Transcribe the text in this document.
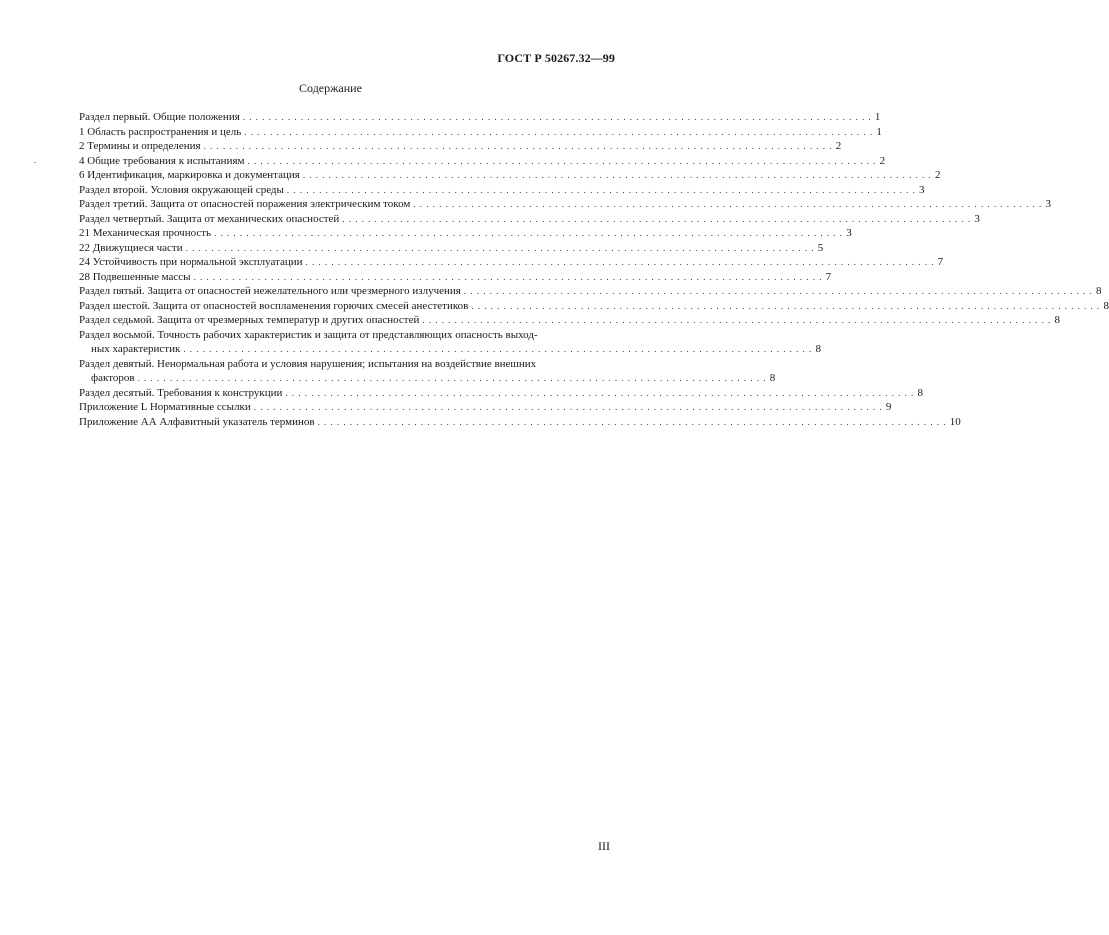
ГОСТ Р 50267.32—99
Содержание
Раздел первый. Общие положения .................................................................................................. 1
1 Область распространения и цель .................................................................................................. 1
2 Термины и определения .................................................................................................. 2
4 Общие требования к испытаниям .................................................................................................. 2
6 Идентификация, маркировка и документация .................................................................................................. 2
Раздел второй. Условия окружающей среды .................................................................................................. 3
Раздел третий. Защита от опасностей поражения электрическим током .................................................................................................. 3
Раздел четвертый. Защита от механических опасностей .................................................................................................. 3
21 Механическая прочность .................................................................................................. 3
22 Движущиеся части .................................................................................................. 5
24 Устойчивость при нормальной эксплуатации .................................................................................................. 7
28 Подвешенные массы .................................................................................................. 7
Раздел пятый. Защита от опасностей нежелательного или чрезмерного излучения .................................................................................................. 8
Раздел шестой. Защита от опасностей воспламенения горючих смесей анестетиков .................................................................................................. 8
Раздел седьмой. Защита от чрезмерных температур и других опасностей .................................................................................................. 8
Раздел восьмой. Точность рабочих характеристик и защита от представляющих опасность выход-
ных характеристик .................................................................................................. 8
Раздел девятый. Ненормальная работа и условия нарушения; испытания на воздействие внешних
факторов .................................................................................................. 8
Раздел десятый. Требования к конструкции .................................................................................................. 8
Приложение L Нормативные ссылки .................................................................................................. 9
Приложение АА Алфавитный указатель терминов .................................................................................................. 10
III
